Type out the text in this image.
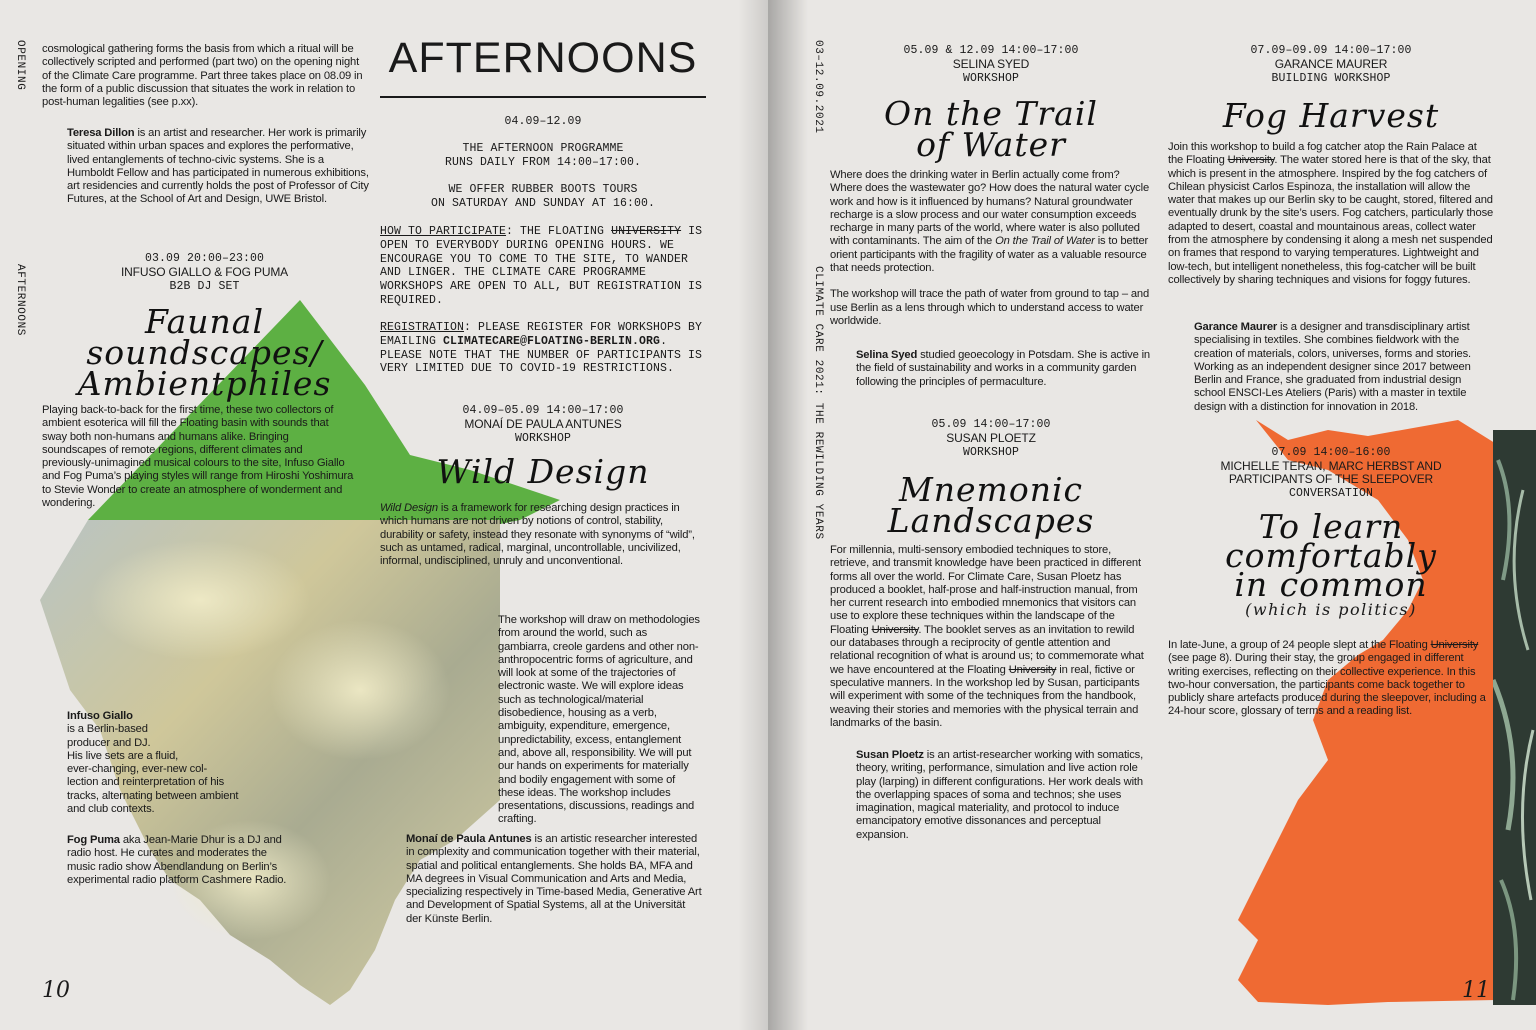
OPENING
AFTERNOONS
cosmological gathering forms the basis from which a ritual will be collectively scripted and performed (part two) on the opening night of the Climate Care programme. Part three takes place on 08.09 in the form of a public discussion that situates the work in relation to post-human legalities (see p.xx).
Teresa Dillon is an artist and researcher. Her work is primarily situated within urban spaces and explores the performative, lived entanglements of techno-civic systems. She is a Humboldt Fellow and has participated in numerous exhibitions, art residencies and currently holds the post of Professor of City Futures, at the School of Art and Design, UWE Bristol.
AFTERNOONS
04.09–12.09
THE AFTERNOON PROGRAMME
RUNS DAILY FROM 14:00–17:00.
WE OFFER RUBBER BOOTS TOURS
ON SATURDAY AND SUNDAY AT 16:00.
HOW TO PARTICIPATE: THE FLOATING UNIVERSITY IS OPEN TO EVERYBODY DURING OPENING HOURS. WE ENCOURAGE YOU TO COME TO THE SITE, TO WANDER AND LINGER. THE CLIMATE CARE PROGRAMME WORKSHOPS ARE OPEN TO ALL, BUT REGISTRATION IS REQUIRED.
REGISTRATION: PLEASE REGISTER FOR WORKSHOPS BY EMAILING CLIMATECARE@FLOATING-BERLIN.ORG. PLEASE NOTE THAT THE NUMBER OF PARTICIPANTS IS VERY LIMITED DUE TO COVID-19 RESTRICTIONS.
03.09 20:00–23:00
INFUSO GIALLO & FOG PUMA
B2B DJ SET
Faunal
soundscapes/
Ambientphiles
Playing back-to-back for the first time, these two collectors of ambient esoterica will fill the Floating basin with sounds that sway both non-humans and humans alike. Bringing soundscapes of remote regions, different climates and previously-unimagined musical colours to the site, Infuso Giallo and Fog Puma’s playing styles will range from Hiroshi Yoshimura to Stevie Wonder to create an atmosphere of wonderment and wondering.
Infuso Giallo
is a Berlin-based
producer and DJ.
His live sets are a fluid,
ever-changing, ever-new col-
lection and reinterpretation of his
tracks, alternating between ambient
and club contexts.
Fog Puma aka Jean-Marie Dhur is a DJ and radio host. He curates and moderates the music radio show Abendlandung on Berlin’s experimental radio platform Cashmere Radio.
04.09–05.09 14:00–17:00
MONAÍ DE PAULA ANTUNES
WORKSHOP
Wild Design
Wild Design is a framework for researching design practices in which humans are not driven by notions of control, stability, durability or safety, instead they resonate with synonyms of “wild”, such as untamed, radical, marginal, uncontrollable, uncivilized, informal, undisciplined, unruly and unconventional.
The workshop will draw on methodologies from around the world, such as gambiarra, creole gardens and other non-anthropocentric forms of agriculture, and will look at some of the trajectories of electronic waste. We will explore ideas such as technological/material disobedience, housing as a verb, ambiguity, expenditure, emergence, unpredictability, excess, entanglement and, above all, responsibility. We will put our hands on experiments for materially and bodily engagement with some of these ideas. The workshop includes presentations, discussions, readings and crafting.
Monaí de Paula Antunes is an artistic researcher interested in complexity and communication together with their material, spatial and political entanglements. She holds BA, MFA and MA degrees in Visual Communication and Arts and Media, specializing respectively in Time-based Media, Generative Art and Development of Spatial Systems, all at the Universität der Künste Berlin.
10
03–12.09.2021
CLIMATE CARE 2021: THE REWILDING YEARS
05.09 & 12.09 14:00–17:00
SELINA SYED
WORKSHOP
On the Trail
of Water

Where does the drinking water in Berlin actually come from? Where does the wastewater go? How does the natural water cycle work and how is it influenced by humans? Natural groundwater recharge is a slow process and our water consumption exceeds recharge in many parts of the world, where water is also polluted with contaminants. The aim of the On the Trail of Water is to better orient participants with the fragility of water as a valuable resource that needs protection.

The workshop will trace the path of water from ground to tap – and use Berlin as a lens through which to understand access to water worldwide.

Selina Syed studied geoecology in Potsdam. She is active in the field of sustainability and works in a community garden following the principles of permaculture.
05.09 14:00–17:00
SUSAN PLOETZ
WORKSHOP
Mnemonic
Landscapes
For millennia, multi-sensory embodied techniques to store, retrieve, and transmit knowledge have been practiced in different forms all over the world. For Climate Care, Susan Ploetz has produced a booklet, half-prose and half-instruction manual, from her current research into embodied mnemonics that visitors can use to explore these techniques within the landscape of the Floating University. The booklet serves as an invitation to rewild our databases through a reciprocity of gentle attention and relational recognition of what is around us; to commemorate what we have encountered at the Floating University in real, fictive or speculative manners. In the workshop led by Susan, participants will experiment with some of the techniques from the handbook, weaving their stories and memories with the physical terrain and landmarks of the basin.
Susan Ploetz is an artist-researcher working with somatics, theory, writing, performance, simulation and live action role play (larping) in different configurations. Her work deals with the overlapping spaces of soma and technos; she uses imagination, magical materiality, and protocol to induce emancipatory emotive dissonances and perceptual expansion.
07.09–09.09 14:00–17:00
GARANCE MAURER
BUILDING WORKSHOP
Fog Harvest
Join this workshop to build a fog catcher atop the Rain Palace at the Floating University. The water stored here is that of the sky, that which is present in the atmosphere. Inspired by the fog catchers of Chilean physicist Carlos Espinoza, the installation will allow the water that makes up our Berlin sky to be caught, stored, filtered and eventually drunk by the site’s users. Fog catchers, particularly those adapted to desert, coastal and mountainous areas, collect water from the atmosphere by condensing it along a mesh net suspended on frames that respond to varying temperatures. Lightweight and low-tech, but intelligent nonetheless, this fog-catcher will be built collectively by sharing techniques and visions for foggy futures.
Garance Maurer is a designer and transdisciplinary artist specialising in textiles. She combines fieldwork with the creation of materials, colors, universes, forms and stories. Working as an independent designer since 2017 between Berlin and France, she graduated from industrial design school ENSCI-Les Ateliers (Paris) with a master in textile design with a distinction for innovation in 2018.
07.09 14:00–16:00
MICHELLE TERAN, MARC HERBST AND
PARTICIPANTS OF THE SLEEPOVER
CONVERSATION
To learn
comfortably
in common
(which is politics)
In late-June, a group of 24 people slept at the Floating University (see page 8). During their stay, the group engaged in different writing exercises, reflecting on their collective experience. In this two-hour conversation, the participants come back together to publicly share artefacts produced during the sleepover, including a 24-hour score, glossary of terms and a reading list.
11
